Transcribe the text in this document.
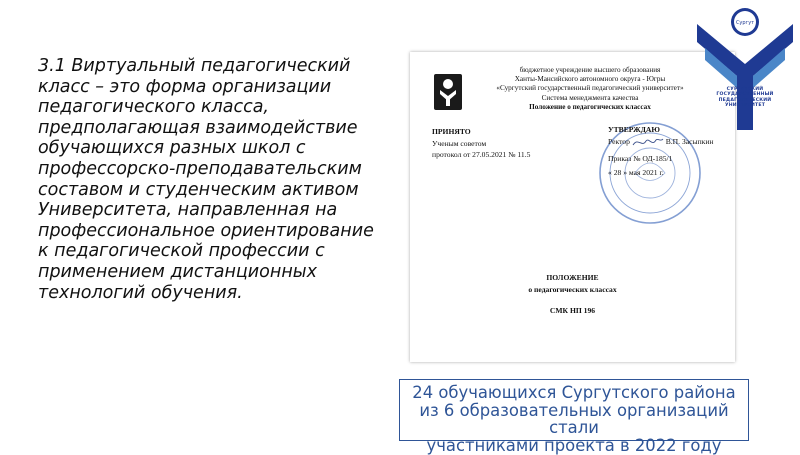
3.1 Виртуальный педагогический класс – это форма организации педагогического класса, предполагающая взаимодействие обучающихся разных школ с профессорско-преподавательским составом и студенческим активом Университета, направленная на профессиональное ориентирование к педагогической профессии с применением дистанционных технологий обучения.
бюджетное учреждение высшего образования
Ханты-Мансийского автономного округа - Югры
«Сургутский государственный педагогический университет»
Система менеджмента качества
Положение о педагогических классах
ПРИНЯТО
Ученым советом
протокол от 27.05.2021 № 11.5
УТВЕРЖДАЮ
Ректор	В.П. Засыпкин
Приказ № ОД-185/1
« 28 » мая 2021 г.
ПОЛОЖЕНИЕ
о педагогических классах
СМК НП 196
24 обучающихся Сургутского района
из 6 образовательных организаций стали
участниками проекта в 2022 году
Сургут
СУРГУТСКИЙ
ГОСУДАРСТВЕННЫЙ
ПЕДАГОГИЧЕСКИЙ
УНИВЕРСИТЕТ
